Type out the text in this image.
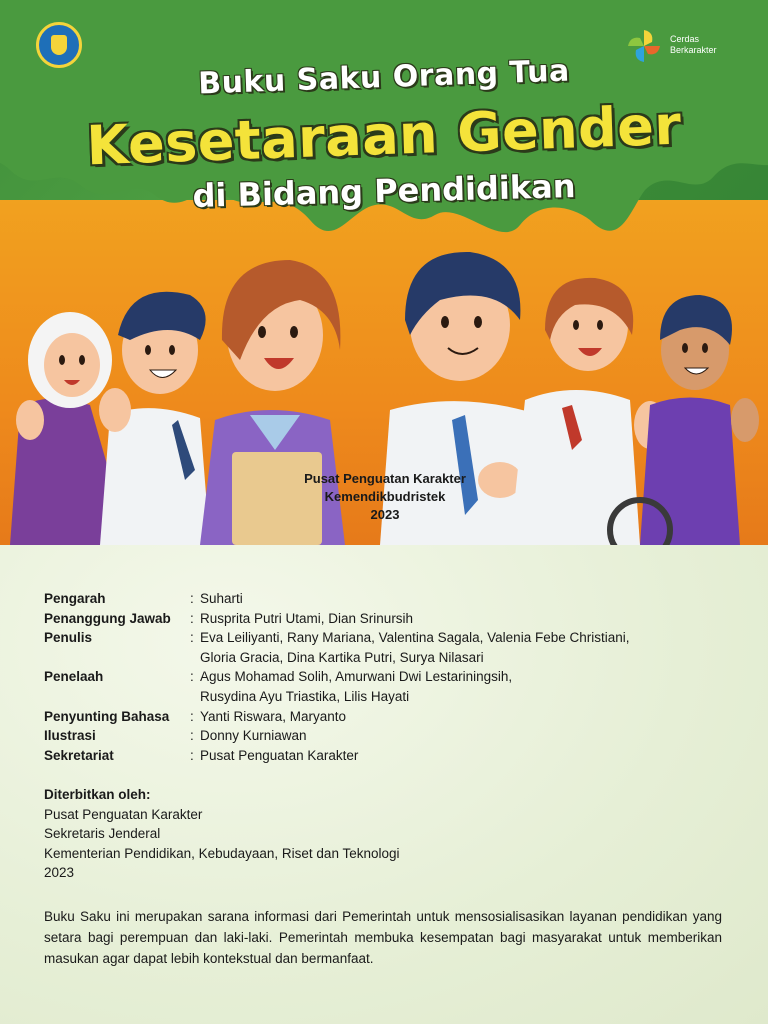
Cerdas
Berkarakter
Buku Saku Orang Tua
Kesetaraan Gender
di Bidang Pendidikan
Pusat Penguatan Karakter
Kemendikbudristek
2023
Pengarah	: Suharti
Penanggung Jawab	: Rusprita Putri Utami, Dian Srinursih
Penulis	: Eva Leiliyanti, Rany Mariana, Valentina Sagala, Valenia Febe Christiani,
Gloria Gracia, Dina Kartika Putri, Surya Nilasari
Penelaah	: Agus Mohamad Solih, Amurwani Dwi Lestariningsih,
Rusydina Ayu Triastika, Lilis Hayati
Penyunting Bahasa	: Yanti Riswara, Maryanto
Ilustrasi	: Donny Kurniawan
Sekretariat	: Pusat Penguatan Karakter
Diterbitkan oleh:
Pusat Penguatan Karakter
Sekretaris Jenderal
Kementerian Pendidikan, Kebudayaan, Riset dan Teknologi
2023
Buku Saku ini merupakan sarana informasi dari Pemerintah untuk mensosialisasikan layanan pendidikan yang setara bagi perempuan dan laki-laki. Pemerintah membuka kesempatan bagi masyarakat untuk memberikan masukan agar dapat lebih kontekstual dan bermanfaat.
